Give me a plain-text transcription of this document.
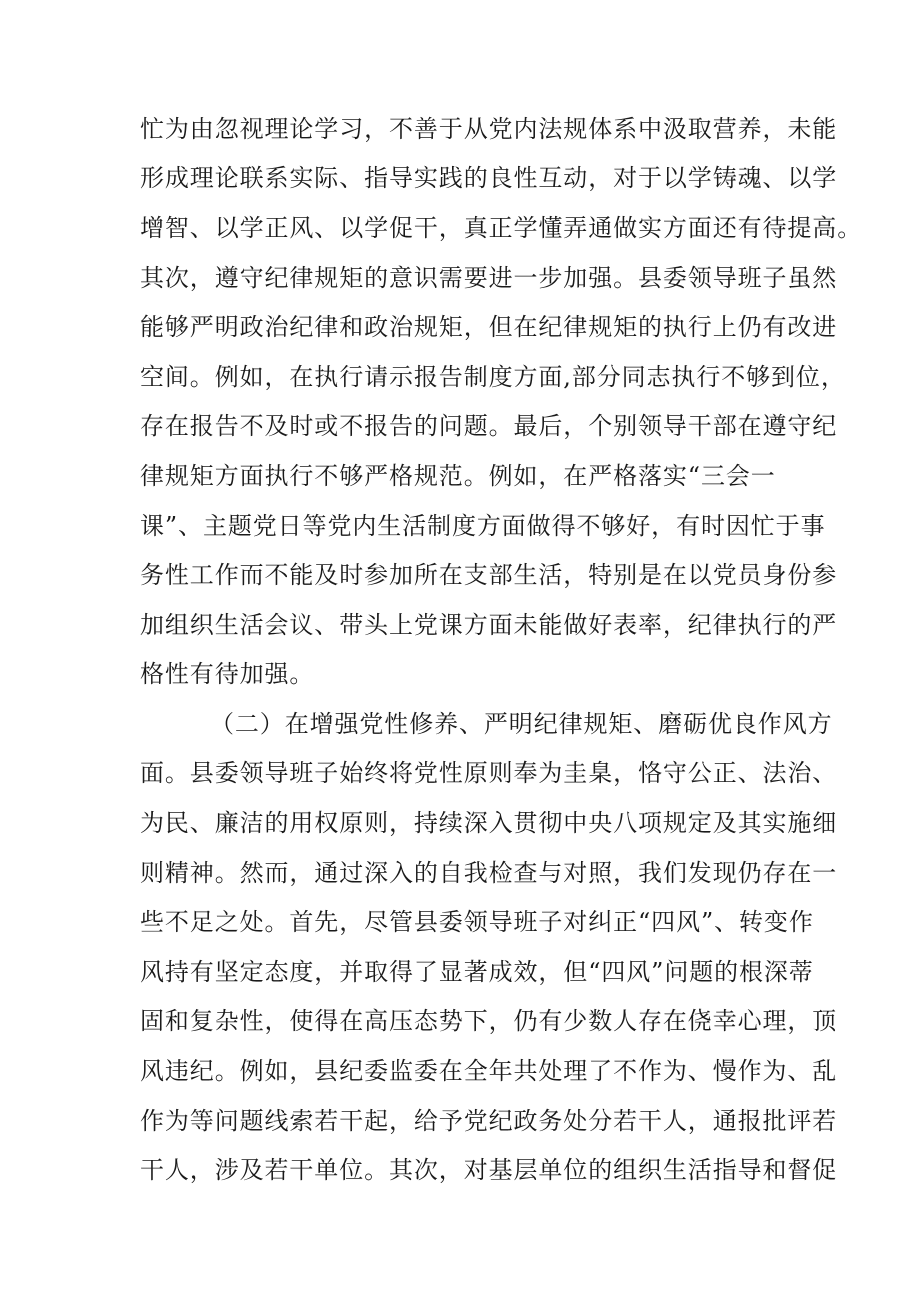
忙为由忽视理论学习，不善于从党内法规体系中汲取营养，未能
形成理论联系实际、指导实践的良性互动，对于以学铸魂、以学
增智、以学正风、以学促干，真正学懂弄通做实方面还有待提高。
其次，遵守纪律规矩的意识需要进一步加强。县委领导班子虽然
能够严明政治纪律和政治规矩，但在纪律规矩的执行上仍有改进
空间。例如，在执行请示报告制度方面,部分同志执行不够到位，
存在报告不及时或不报告的问题。最后，个别领导干部在遵守纪
律规矩方面执行不够严格规范。例如，在严格落实“三会一
课”、主题党日等党内生活制度方面做得不够好，有时因忙于事
务性工作而不能及时参加所在支部生活，特别是在以党员身份参
加组织生活会议、带头上党课方面未能做好表率，纪律执行的严
格性有待加强。
（二）在增强党性修养、严明纪律规矩、磨砺优良作风方
面。县委领导班子始终将党性原则奉为圭臬，恪守公正、法治、
为民、廉洁的用权原则，持续深入贯彻中央八项规定及其实施细
则精神。然而，通过深入的自我检查与对照，我们发现仍存在一
些不足之处。首先，尽管县委领导班子对纠正“四风”、转变作
风持有坚定态度，并取得了显著成效，但“四风”问题的根深蒂
固和复杂性，使得在高压态势下，仍有少数人存在侥幸心理，顶
风违纪。例如，县纪委监委在全年共处理了不作为、慢作为、乱
作为等问题线索若干起，给予党纪政务处分若干人，通报批评若
干人，涉及若干单位。其次，对基层单位的组织生活指导和督促
